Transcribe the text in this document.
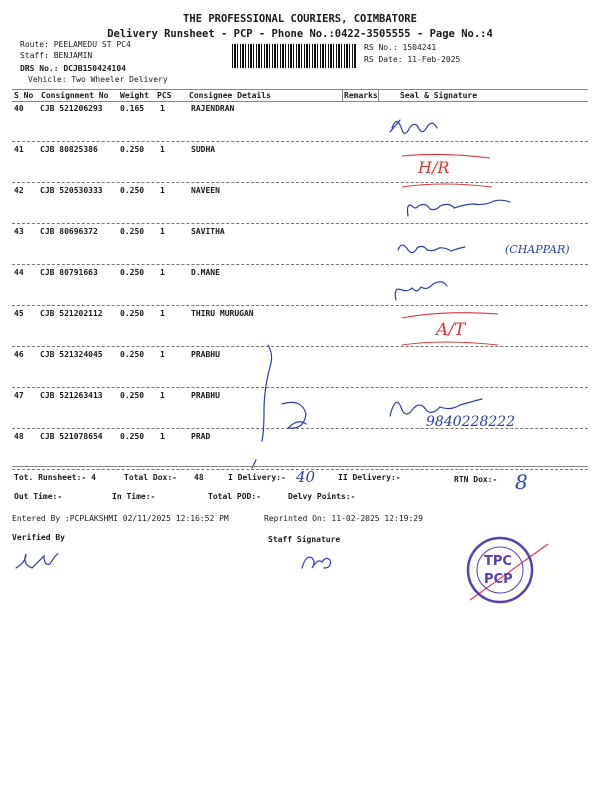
THE PROFESSIONAL COURIERS, COIMBATORE
Delivery Runsheet - PCP - Phone No.:0422-3505555 - Page No.:4
Route: PEELAMEDU ST PC4
Staff: BENJAMIN
DRS No.: DCJB150424104
Vehicle: Two Wheeler Delivery
RS No.: 1504241
RS Date: 11-Feb-2025
S No Consignment No Weight PCS Consignee Details	Remarks	Seal & Signature
40 CJB 521206293 0.165 1	RAJENDRAN
41 CJB 80825386	0.250 1	SUDHA
42 CJB 520530333 0.250 1	NAVEEN
43 CJB 80696372	0.250 1	SAVITHA
44 CJB 80791663	0.250 1	D.MANE
45 CJB 521202112 0.250 1	THIRU MURUGAN
46 CJB 521324045 0.250 1	PRABHU
47 CJB 521263413 0.250 1	PRABHU
48 CJB 521078654 0.250 1	PRAD
H/R
(CHAPPAR)
A/T
9840228222
40	8
TPC
PCP
Tot. Runsheet:- 4	Total Dox:- 48	I Delivery:-	II Delivery:-	RTN Dox:-
Out Time:-	In Time:-	Total POD:-	Delvy Points:-
Entered By :PCPLAKSHMI 02/11/2025 12:16:52 PM	Reprinted On: 11-02-2025 12:19:29
Verified By	Staff Signature
